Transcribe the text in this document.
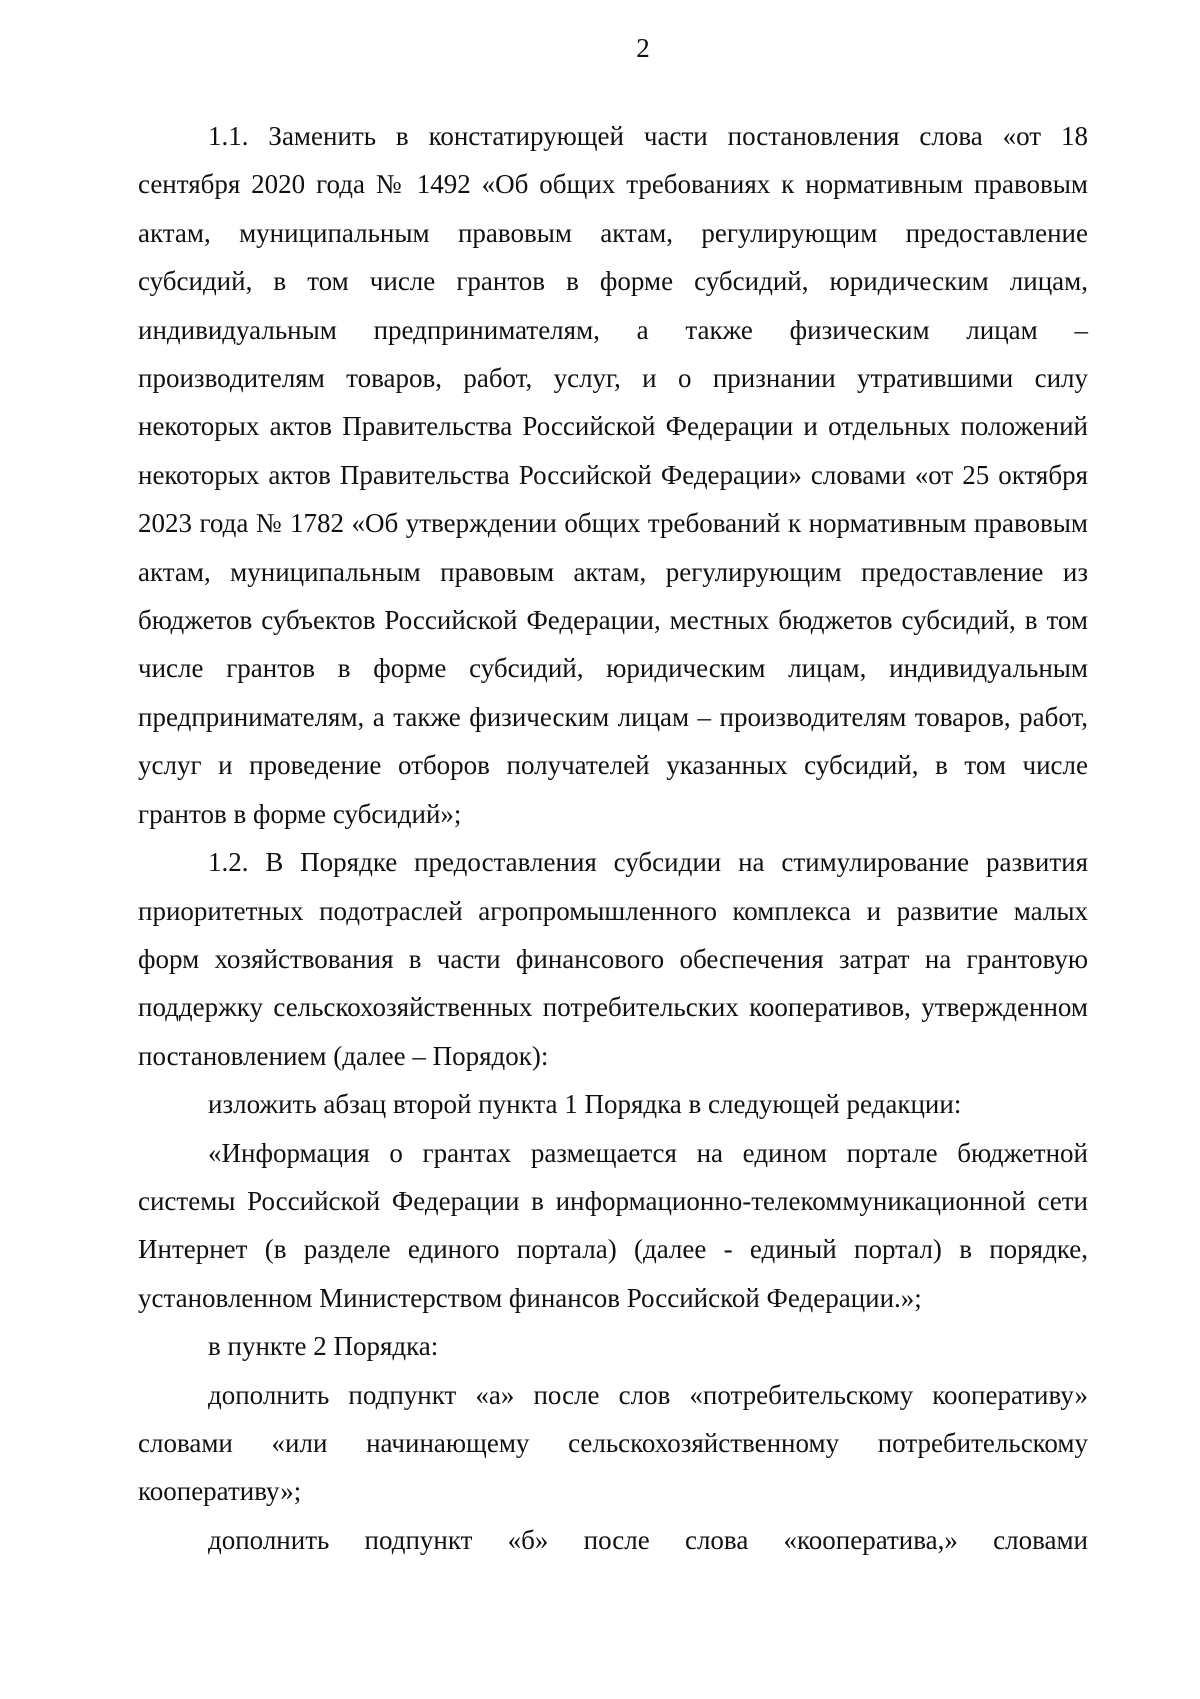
2

1.1. Заменить в констатирующей части постановления слова «от 18 сентября 2020 года № 1492 «Об общих требованиях к нормативным правовым актам, муниципальным правовым актам, регулирующим предоставление субсидий, в том числе грантов в форме субсидий, юридическим лицам, индивидуальным предпринимателям, а также физическим лицам – производителям товаров, работ, услуг, и о признании утратившими силу некоторых актов Правительства Российской Федерации и отдельных положений некоторых актов Правительства Российской Федерации» словами «от 25 октября 2023 года № 1782 «Об утверждении общих требований к нормативным правовым актам, муниципальным правовым актам, регулирующим предоставление из бюджетов субъектов Российской Федерации, местных бюджетов субсидий, в том числе грантов в форме субсидий, юридическим лицам, индивидуальным предпринимателям, а также физическим лицам – производителям товаров, работ, услуг и проведение отборов получателей указанных субсидий, в том числе грантов в форме субсидий»;

1.2. В Порядке предоставления субсидии на стимулирование развития приоритетных подотраслей агропромышленного комплекса и развитие малых форм хозяйствования в части финансового обеспечения затрат на грантовую поддержку сельскохозяйственных потребительских кооперативов, утвержденном постановлением (далее – Порядок):

изложить абзац второй пункта 1 Порядка в следующей редакции:

«Информация о грантах размещается на едином портале бюджетной системы Российской Федерации в информационно-телекоммуникационной сети Интернет (в разделе единого портала) (далее - единый портал) в порядке, установленном Министерством финансов Российской Федерации.»;

в пункте 2 Порядка:

дополнить подпункт «а» после слов «потребительскому кооперативу» словами «или начинающему сельскохозяйственному потребительскому кооперативу»;

дополнить подпункт «б» после слова «кооператива,» словами
